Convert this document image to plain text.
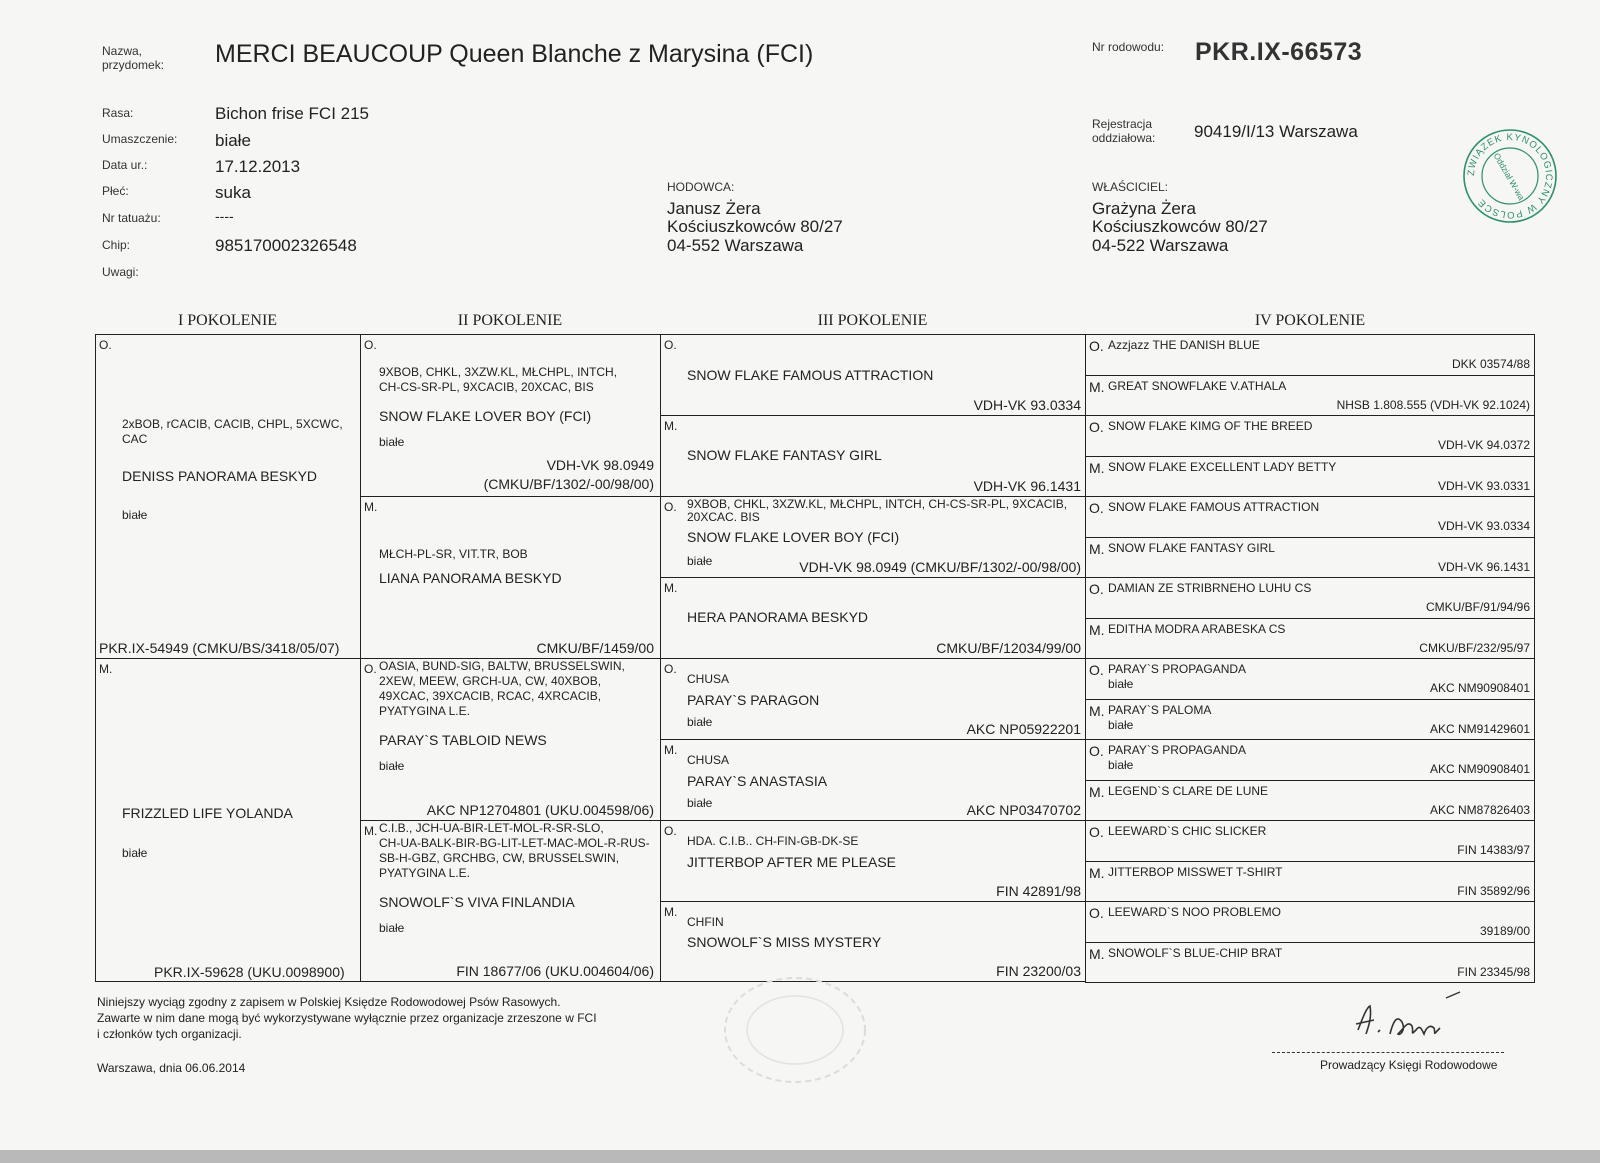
Nazwa,
przydomek: MERCI BEAUCOUP Queen Blanche z Marysina (FCI)	Nr rodowodu: PKR.IX-66573
Rasa:	Bichon frise FCI 215
Umaszczenie: białe
Data ur.:	17.12.2013
Płeć:	suka
Nr tatuażu:	----
Chip:	985170002326548
Uwagi:
Rejestracja
oddziałowa: 90419/I/13 Warszawa
HODOWCA:
Janusz Żera
Kościuszkowców 80/27
04-552 Warszawa
WŁAŚCICIEL:
Grażyna Żera
Kościuszkowców 80/27
04-522 Warszawa
ZWIĄZEK KYNOLOGICZNY W POLSCE
Oddział W-wa
I POKOLENIE	II POKOLENIE	III POKOLENIE	IV POKOLENIE
O.
2xBOB, rCACIB, CACIB, CHPL, 5XCWC,
CAC
DENISS PANORAMA BESKYD
białe
PKR.IX-54949 (CMKU/BS/3418/05/07)
M.
FRIZZLED LIFE YOLANDA
białe
PKR.IX-59628 (UKU.0098900)
O.
9XBOB, CHKL, 3XZW.KL, MŁCHPL, INTCH,
CH-CS-SR-PL, 9XCACIB, 20XCAC, BIS
SNOW FLAKE LOVER BOY (FCI)
białe
VDH-VK 98.0949
(CMKU/BF/1302/-00/98/00)
M.
MŁCH-PL-SR, VIT.TR, BOB
LIANA PANORAMA BESKYD
CMKU/BF/1459/00
O. OASIA, BUND-SIG, BALTW, BRUSSELSWIN,
2XEW, MEEW, GRCH-UA, CW, 40XBOB,
49XCAC, 39XCACIB, RCAC, 4XRCACIB,
PYATYGINA L.E.
PARAY`S TABLOID NEWS
białe
AKC NP12704801 (UKU.004598/06)
M. C.I.B., JCH-UA-BIR-LET-MOL-R-SR-SLO,
CH-UA-BALK-BIR-BG-LIT-LET-MAC-MOL-R-RUS-
SB-H-GBZ, GRCHBG, CW, BRUSSELSWIN,
PYATYGINA L.E.
SNOWOLF`S VIVA FINLANDIA
białe
FIN 18677/06 (UKU.004604/06)
O.
SNOW FLAKE FAMOUS ATTRACTION
VDH-VK 93.0334
M.
SNOW FLAKE FANTASY GIRL
VDH-VK 96.1431
O. 9XBOB, CHKL, 3XZW.KL, MŁCHPL, INTCH, CH-CS-SR-PL, 9XCACIB,
20XCAC. BIS
SNOW FLAKE LOVER BOY (FCI)
białe	VDH-VK 98.0949 (CMKU/BF/1302/-00/98/00)
M.
HERA PANORAMA BESKYD
CMKU/BF/12034/99/00
O.
CHUSA
PARAY`S PARAGON
białe	AKC NP05922201
M.
CHUSA
PARAY`S ANASTASIA
białe	AKC NP03470702
O.
HDA. C.I.B.. CH-FIN-GB-DK-SE
JITTERBOP AFTER ME PLEASE
FIN 42891/98
M.
CHFIN
SNOWOLF`S MISS MYSTERY
FIN 23200/03
O. Azzjazz THE DANISH BLUE
DKK 03574/88
M. GREAT SNOWFLAKE V.ATHALA
NHSB 1.808.555 (VDH-VK 92.1024)
O. SNOW FLAKE KIMG OF THE BREED
VDH-VK 94.0372
M. SNOW FLAKE EXCELLENT LADY BETTY
VDH-VK 93.0331
O. SNOW FLAKE FAMOUS ATTRACTION
VDH-VK 93.0334
M. SNOW FLAKE FANTASY GIRL
VDH-VK 96.1431
O. DAMIAN ZE STRIBRNEHO LUHU CS
CMKU/BF/91/94/96
M. EDITHA MODRA ARABESKA CS
CMKU/BF/232/95/97
O. PARAY`S PROPAGANDA
białe	AKC NM90908401
M. PARAY`S PALOMA
białe	AKC NM91429601
O. PARAY`S PROPAGANDA
białe	AKC NM90908401
M. LEGEND`S CLARE DE LUNE
AKC NM87826403
O. LEEWARD`S CHIC SLICKER
FIN 14383/97
M. JITTERBOP MISSWET T-SHIRT
FIN 35892/96
O. LEEWARD`S NOO PROBLEMO
39189/00
M. SNOWOLF`S BLUE-CHIP BRAT
FIN 23345/98
Niniejszy wyciąg zgodny z zapisem w Polskiej Księdze Rodowodowej Psów Rasowych.
Zawarte w nim dane mogą być wykorzystywane wyłącznie przez organizacje zrzeszone w FCI
i członków tych organizacji.
Warszawa, dnia 06.06.2014	Prowadzący Księgi Rodowodowe
